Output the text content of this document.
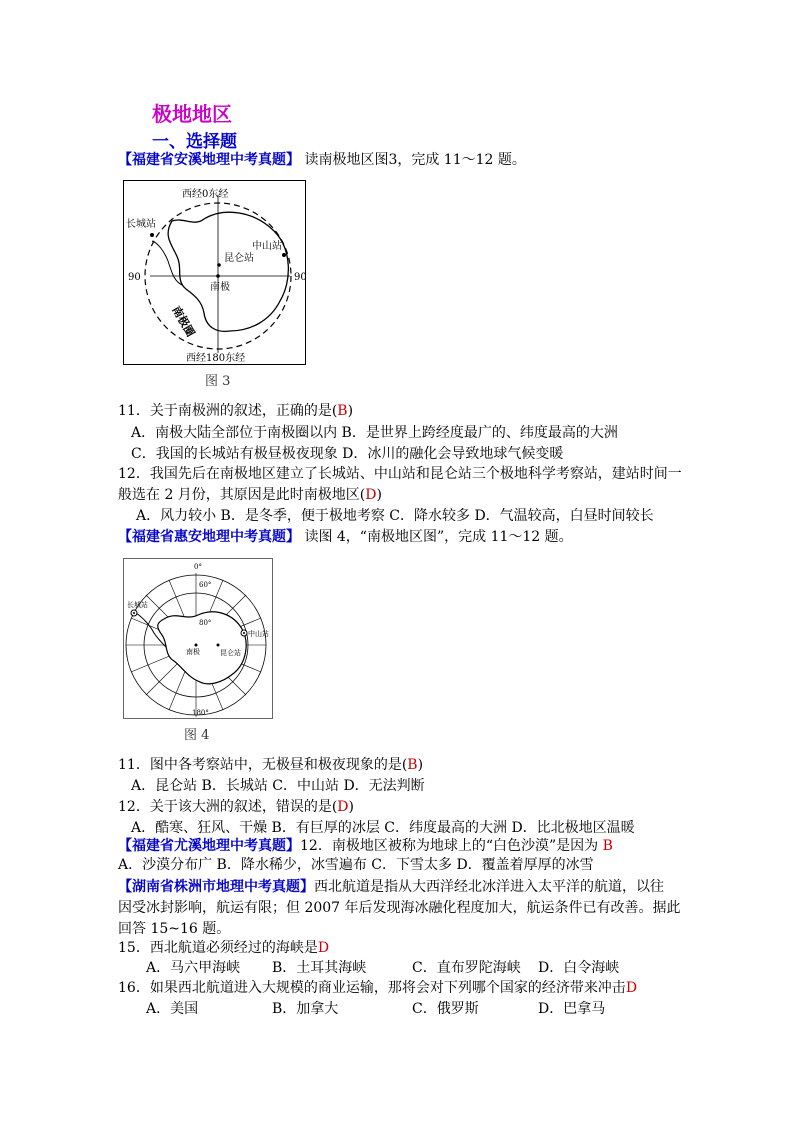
极地地区
一、选择题
【福建省安溪地理中考真题】 读南极地区图3，完成 11～12 题。
西经0东经
西经180东经
90	90
长城站
中山站
昆仑站
南极
南极圈
图 3
11．关于南极洲的叙述，正确的是(B)
A．南极大陆全部位于南极圈以内 B．是世界上跨经度最广的、纬度最高的大洲
C．我国的长城站有极昼极夜现象 D．冰川的融化会导致地球气候变暖
12．我国先后在南极地区建立了长城站、中山站和昆仑站三个极地科学考察站，建站时间一
般选在 2 月份，其原因是此时南极地区(D)
A．风力较小 B．是冬季，便于极地考察 C．降水较多 D．气温较高，白昼时间较长
【福建省惠安地理中考真题】 读图 4，“南极地区图”，完成 11～12 题。
0°
60°
80°
180°
长城站
中山站
昆仑站
南极
图 4
11．图中各考察站中，无极昼和极夜现象的是(B)
A．昆仑站 B．长城站 C．中山站 D．无法判断
12．关于该大洲的叙述，错误的是(D)
A．酷寒、狂风、干燥 B．有巨厚的冰层 C．纬度最高的大洲 D．比北极地区温暖
【福建省尤溪地理中考真题】12．南极地区被称为地球上的“白色沙漠”是因为 B
A．沙漠分布广 B．降水稀少，冰雪遍布 C．下雪太多 D．覆盖着厚厚的冰雪
【湖南省株洲市地理中考真题】西北航道是指从大西洋经北冰洋进入太平洋的航道，以往
因受冰封影响，航运有限；但 2007 年后发现海冰融化程度加大，航运条件已有改善。据此
回答 15~16 题。
15．西北航道必须经过的海峡是D
A．马六甲海峡 B．土耳其海峡	C．直布罗陀海峡 D．白令海峡
16．如果西北航道进入大规模的商业运输，那将会对下列哪个国家的经济带来冲击D
A．美国	B．加拿大	C．俄罗斯	D．巴拿马
